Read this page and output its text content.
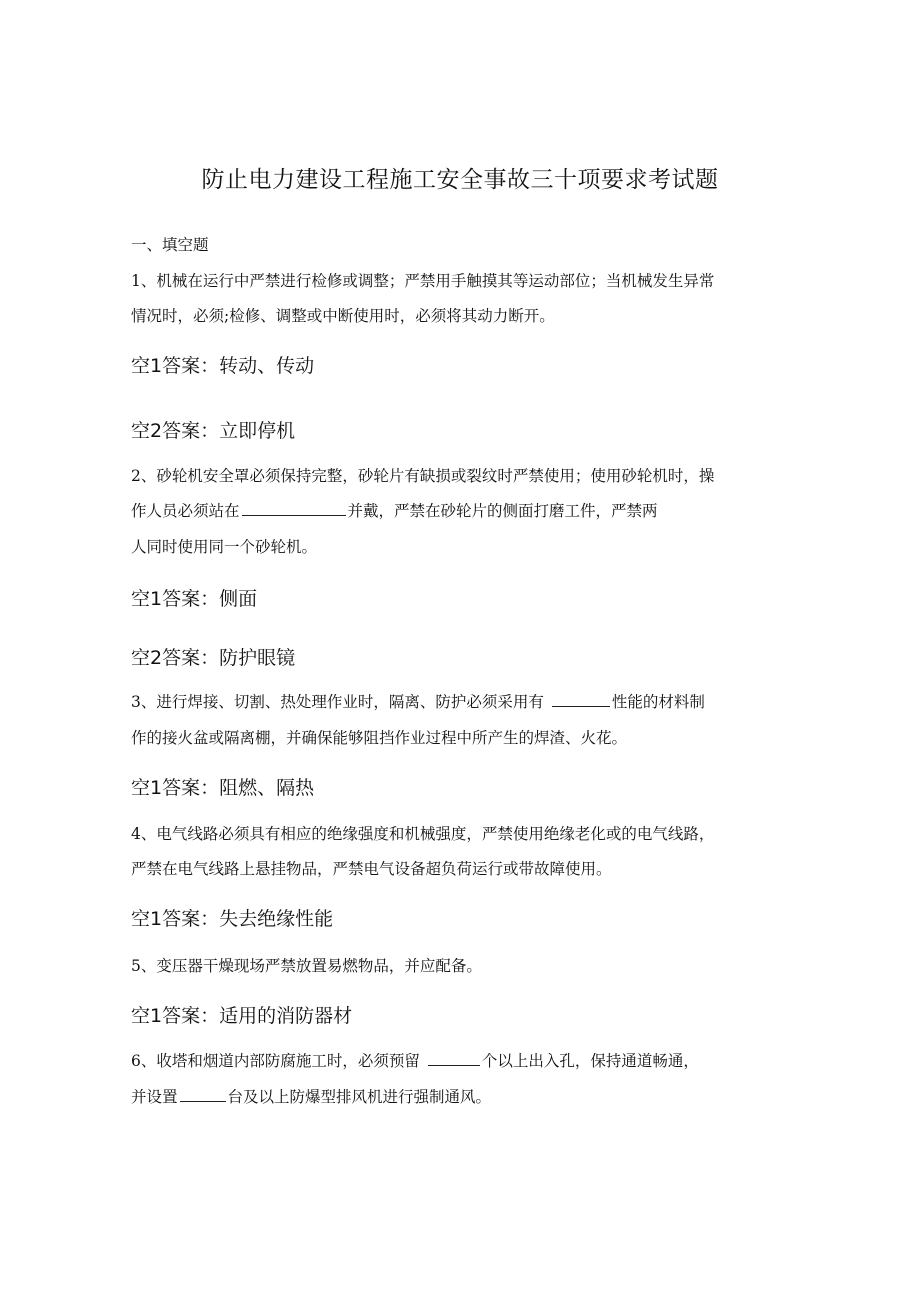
防止电力建设工程施工安全事故三十项要求考试题

一、填空题

1、机械在运行中严禁进行检修或调整；严禁用手触摸其等运动部位；当机械发生异常

情况时，必须;检修、调整或中断使用时，必须将其动力断开。

空1答案：转动、传动

空2答案：立即停机

2、砂轮机安全罩必须保持完整，砂轮片有缺损或裂纹时严禁使用；使用砂轮机时，操

作人员必须站在	并戴，严禁在砂轮片的侧面打磨工件，严禁两

人同时使用同一个砂轮机。

空1答案：侧面

空2答案：防护眼镜

3、进行焊接、切割、热处理作业时，隔离、防护必须采用有	性能的材料制

作的接火盆或隔离棚，并确保能够阻挡作业过程中所产生的焊渣、火花。

空1答案：阻燃、隔热

4、电气线路必须具有相应的绝缘强度和机械强度，严禁使用绝缘老化或的电气线路，

严禁在电气线路上悬挂物品，严禁电气设备超负荷运行或带故障使用。

空1答案：失去绝缘性能

5、变压器干燥现场严禁放置易燃物品，并应配备。

空1答案：适用的消防器材

6、收塔和烟道内部防腐施工时，必须预留	个以上出入孔，保持通道畅通，
并设置	台及以上防爆型排风机进行强制通风。
